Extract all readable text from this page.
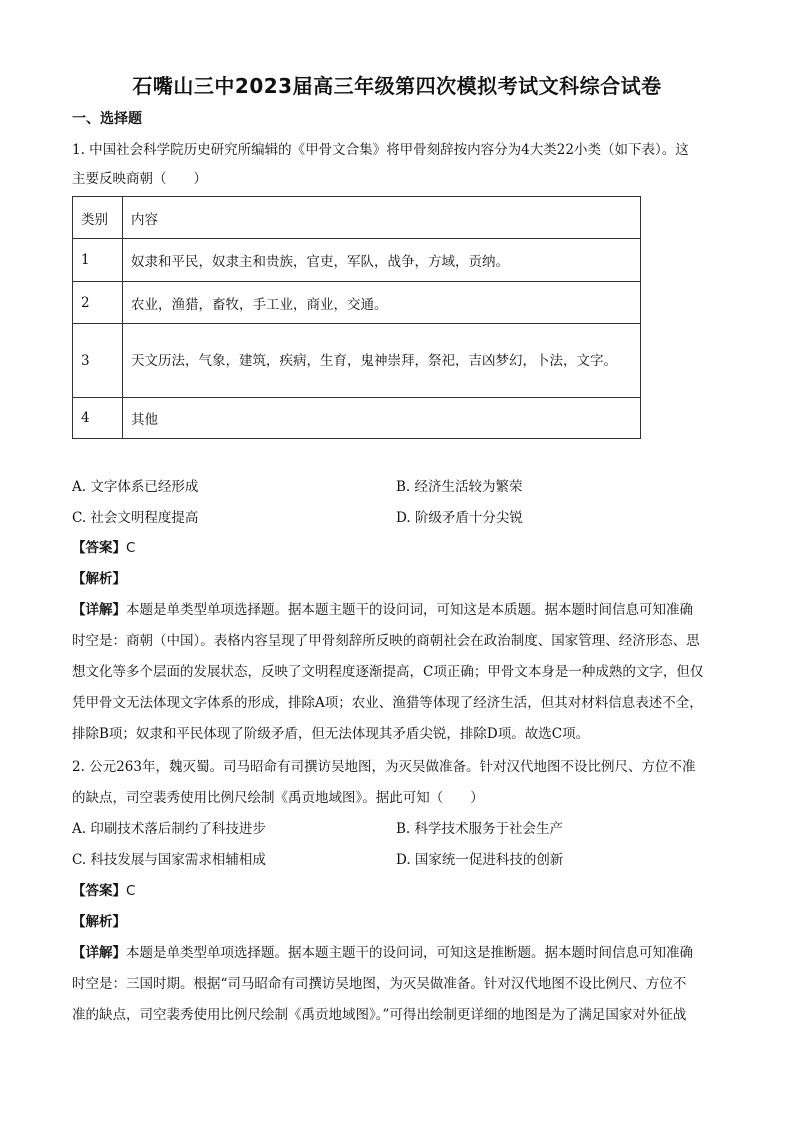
石嘴山三中2023届高三年级第四次模拟考试文科综合试卷
一、选择题
1. 中国社会科学院历史研究所编辑的《甲骨文合集》将甲骨刻辞按内容分为4大类22小类（如下表）。这
主要反映商朝（　　）
类别	内容
1	奴隶和平民，奴隶主和贵族，官吏，军队，战争，方域，贡纳。
2	农业，渔猎，畜牧，手工业，商业，交通。
3	天文历法，气象，建筑，疾病，生育，鬼神崇拜，祭祀，吉凶梦幻，卜法，文字。
4	其他
A. 文字体系已经形成	B. 经济生活较为繁荣
C. 社会文明程度提高	D. 阶级矛盾十分尖锐
【答案】C
【解析】
【详解】本题是单类型单项选择题。据本题主题干的设问词，可知这是本质题。据本题时间信息可知准确
时空是：商朝（中国）。表格内容呈现了甲骨刻辞所反映的商朝社会在政治制度、国家管理、经济形态、思
想文化等多个层面的发展状态，反映了文明程度逐渐提高，C项正确；甲骨文本身是一种成熟的文字，但仅
凭甲骨文无法体现文字体系的形成，排除A项；农业、渔猎等体现了经济生活，但其对材料信息表述不全，
排除B项；奴隶和平民体现了阶级矛盾，但无法体现其矛盾尖锐，排除D项。故选C项。
2. 公元263年，魏灭蜀。司马昭命有司撰访吴地图，为灭吴做准备。针对汉代地图不设比例尺、方位不准
的缺点，司空裴秀使用比例尺绘制《禹贡地域图》。据此可知（　　）
A. 印刷技术落后制约了科技进步	B. 科学技术服务于社会生产
C. 科技发展与国家需求相辅相成	D. 国家统一促进科技的创新
【答案】C
【解析】
【详解】本题是单类型单项选择题。据本题主题干的设问词，可知这是推断题。据本题时间信息可知准确
时空是：三国时期。根据“司马昭命有司撰访吴地图，为灭吴做准备。针对汉代地图不设比例尺、方位不
准的缺点，司空裴秀使用比例尺绘制《禹贡地域图》。”可得出绘制更详细的地图是为了满足国家对外征战
